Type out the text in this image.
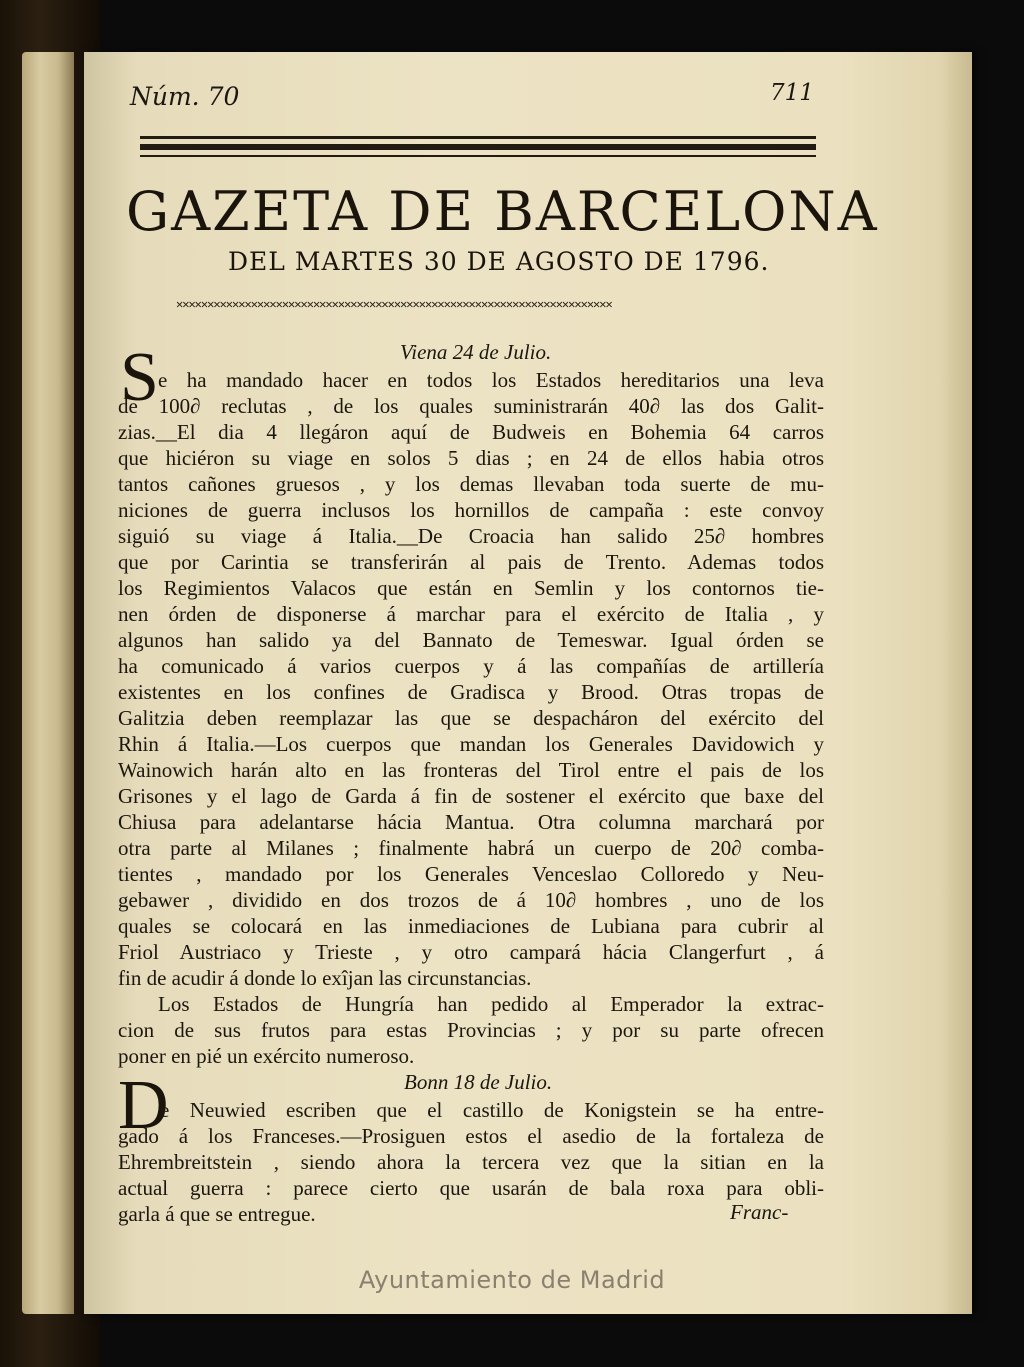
Núm. 70	711
GAZETA DE BARCELONA
DEL MARTES 30 DE AGOSTO DE 1796.
✕✕✕✕✕✕✕✕✕✕✕✕✕✕✕✕✕✕✕✕✕✕✕✕✕✕✕✕✕✕✕✕✕✕✕✕✕✕✕✕✕✕✕✕✕✕✕✕✕✕✕✕✕✕✕✕✕✕✕✕✕✕✕✕✕✕✕✕✕✕
S	Viena 24 de Julio.
e ha mandado hacer en todos los Estados hereditarios una leva
de 100∂ reclutas , de los quales suministrarán 40∂ las dos Galit-
zias.__El dia 4 llegáron aquí de Budweis en Bohemia 64 carros
que hiciéron su viage en solos 5 dias ; en 24 de ellos habia otros
tantos cañones gruesos , y los demas llevaban toda suerte de mu-
niciones de guerra inclusos los hornillos de campaña : este convoy
siguió su viage á Italia.__De Croacia han salido 25∂ hombres
que por Carintia se transferirán al pais de Trento. Ademas todos
los Regimientos Valacos que están en Semlin y los contornos tie-
nen órden de disponerse á marchar para el exército de Italia , y
algunos han salido ya del Bannato de Temeswar. Igual órden se
ha comunicado á varios cuerpos y á las compañías de artillería
existentes en los confines de Gradisca y Brood. Otras tropas de
Galitzia deben reemplazar las que se despacháron del exército del
Rhin á Italia.—Los cuerpos que mandan los Generales Davidowich y
Wainowich harán alto en las fronteras del Tirol entre el pais de los
Grisones y el lago de Garda á fin de sostener el exército que baxe del
Chiusa para adelantarse hácia Mantua. Otra columna marchará por
otra parte al Milanes ; finalmente habrá un cuerpo de 20∂ comba-
tientes , mandado por los Generales Venceslao Colloredo y Neu-
gebawer , dividido en dos trozos de á 10∂ hombres , uno de los
quales se colocará en las inmediaciones de Lubiana para cubrir al
Friol Austriaco y Trieste , y otro campará hácia Clangerfurt , á
fin de acudir á donde lo exîjan las circunstancias.
Los Estados de Hungría han pedido al Emperador la extrac-
cion de sus frutos para estas Provincias ; y por su parte ofrecen
poner en pié un exército numeroso.
D	Bonn 18 de Julio.
e Neuwied escriben que el castillo de Konigstein se ha entre-
gado á los Franceses.—Prosiguen estos el asedio de la fortaleza de
Ehrembreitstein , siendo ahora la tercera vez que la sitian en la
actual guerra : parece cierto que usarán de bala roxa para obli-
garla á que se entregue.	Franc-
Ayuntamiento de Madrid
